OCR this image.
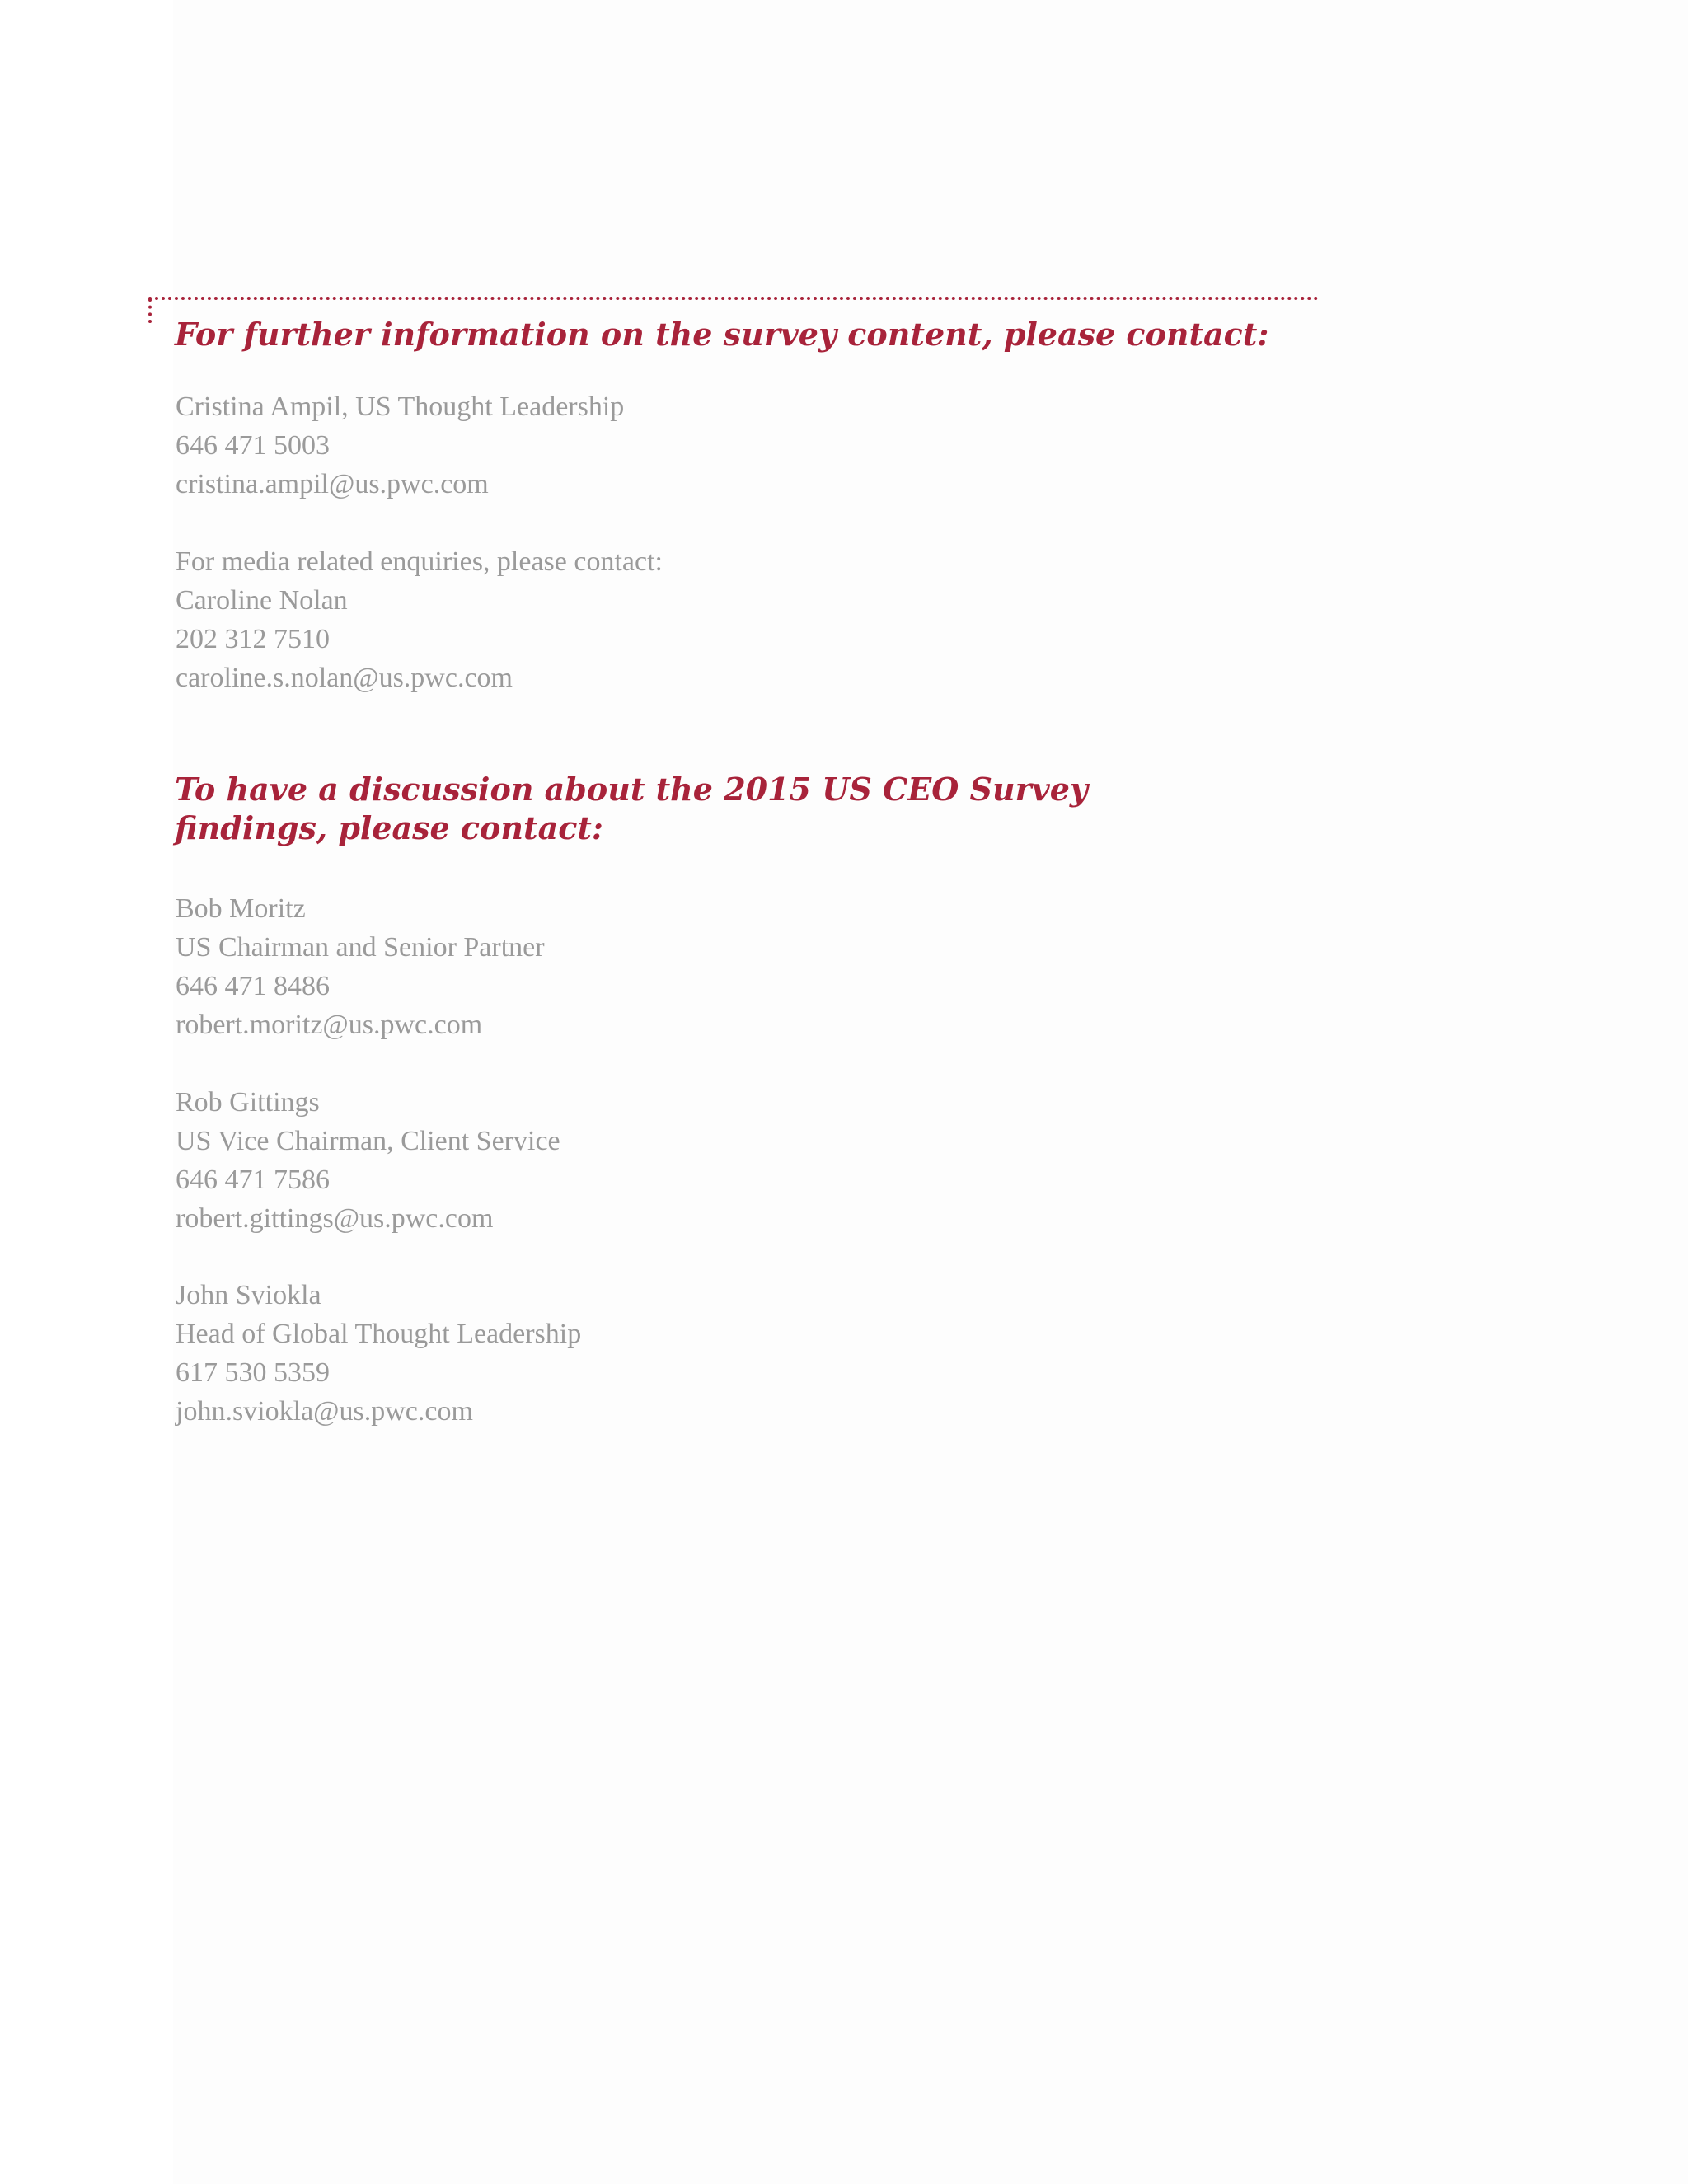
For further information on the survey content, please contact:
Cristina Ampil, US Thought Leadership
646 471 5003
cristina.ampil@us.pwc.com
For media related enquiries, please contact:
Caroline Nolan
202 312 7510
caroline.s.nolan@us.pwc.com
To have a discussion about the 2015 US CEO Survey
findings, please contact:
Bob Moritz
US Chairman and Senior Partner
646 471 8486
robert.moritz@us.pwc.com
Rob Gittings
US Vice Chairman, Client Service
646 471 7586
robert.gittings@us.pwc.com
John Sviokla
Head of Global Thought Leadership
617 530 5359
john.sviokla@us.pwc.com
